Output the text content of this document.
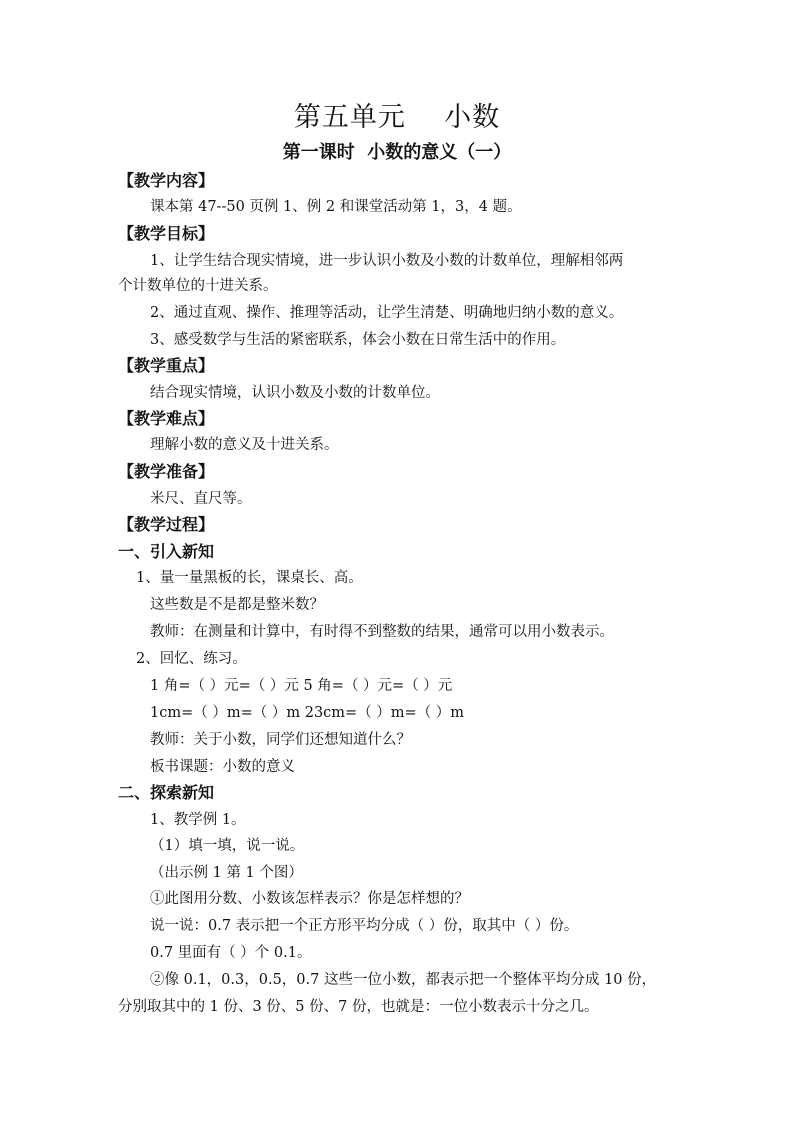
第五单元    小数
第一课时  小数的意义（一）
【教学内容】
课本第 47--50 页例 1、例 2 和课堂活动第 1，3，4 题。
【教学目标】
1、让学生结合现实情境，进一步认识小数及小数的计数单位，理解相邻两
个计数单位的十进关系。
2、通过直观、操作、推理等活动，让学生清楚、明确地归纳小数的意义。
3、感受数学与生活的紧密联系，体会小数在日常生活中的作用。
【教学重点】
结合现实情境，认识小数及小数的计数单位。
【教学难点】
理解小数的意义及十进关系。
【教学准备】
米尺、直尺等。
【教学过程】
一、引入新知
1、量一量黑板的长，课桌长、高。
这些数是不是都是整米数？
教师：在测量和计算中，有时得不到整数的结果，通常可以用小数表示。
2、回忆、练习。
1 角=（ ）元=（ ）元 5 角=（ ）元=（ ）元
1cm=（ ）m=（ ）m 23cm=（ ）m=（ ）m
教师：关于小数，同学们还想知道什么？
板书课题：小数的意义
二、探索新知
1、教学例 1。
（1）填一填，说一说。
（出示例 1 第 1 个图）
①此图用分数、小数该怎样表示？你是怎样想的？
说一说：0.7 表示把一个正方形平均分成（ ）份，取其中（ ）份。
0.7 里面有（ ）个 0.1。
②像 0.1，0.3，0.5，0.7 这些一位小数，都表示把一个整体平均分成 10 份，
分别取其中的 1 份、3 份、5 份、7 份，也就是：一位小数表示十分之几。
